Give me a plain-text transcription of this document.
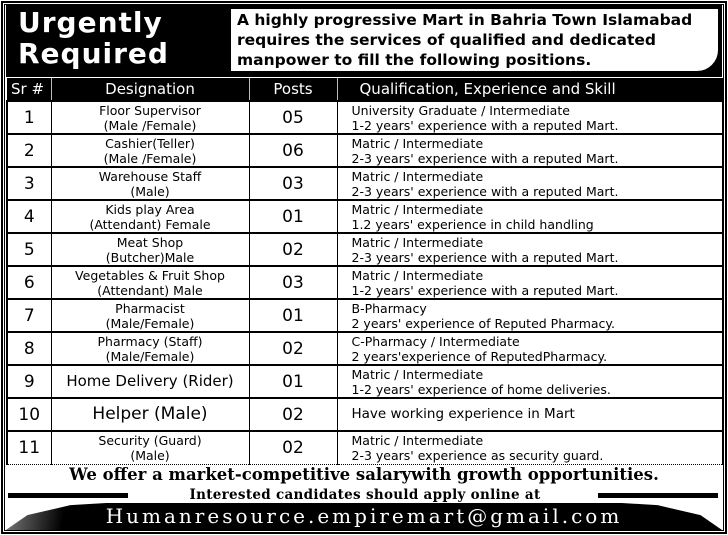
Urgently
Required
A highly progressive Mart in Bahria Town Islamabad
requires the services of qualified and dedicated
manpower to fill the following positions.
Sr #	Designation	Posts	Qualification, Experience and Skill
1	Floor Supervisor
(Male /Female)	05	University Graduate / Intermediate
1-2 years' experience with a reputed Mart.

2	Cashier(Teller)
(Male /Female)	06	Matric / Intermediate
2-3 years' experience with a reputed Mart.

3	Warehouse Staff
(Male)	03	Matric / Intermediate
2-3 years' experience with a reputed Mart.

4	Kids play Area
(Attendant) Female	01	Matric / Intermediate
1.2 years' experience in child handling

5	Meat Shop
(Butcher)Male	02	Matric / Intermediate
2-3 years' experience with a reputed Mart.

6	Vegetables & Fruit Shop
(Attendant) Male	03	Matric / Intermediate
1-2 years' experience with a reputed Mart.

7	Pharmacist
(Male/Female)	01	B-Pharmacy
2 years' experience of Reputed Pharmacy.

8	Pharmacy (Staff)
(Male/Female)	02	C-Pharmacy / Intermediate
2 years'experience of ReputedPharmacy.

9	Home Delivery (Rider)	01	Matric / Intermediate
1-2 years' experience of home deliveries.

10	Helper (Male)	02	Have working experience in Mart

11	Security (Guard)
(Male)	02	Matric / Intermediate
2-3 years' experience as security guard.
We offer a market-competitive salarywith growth opportunities.
Interested candidates should apply online at
Humanresource.empiremart@gmail.com
